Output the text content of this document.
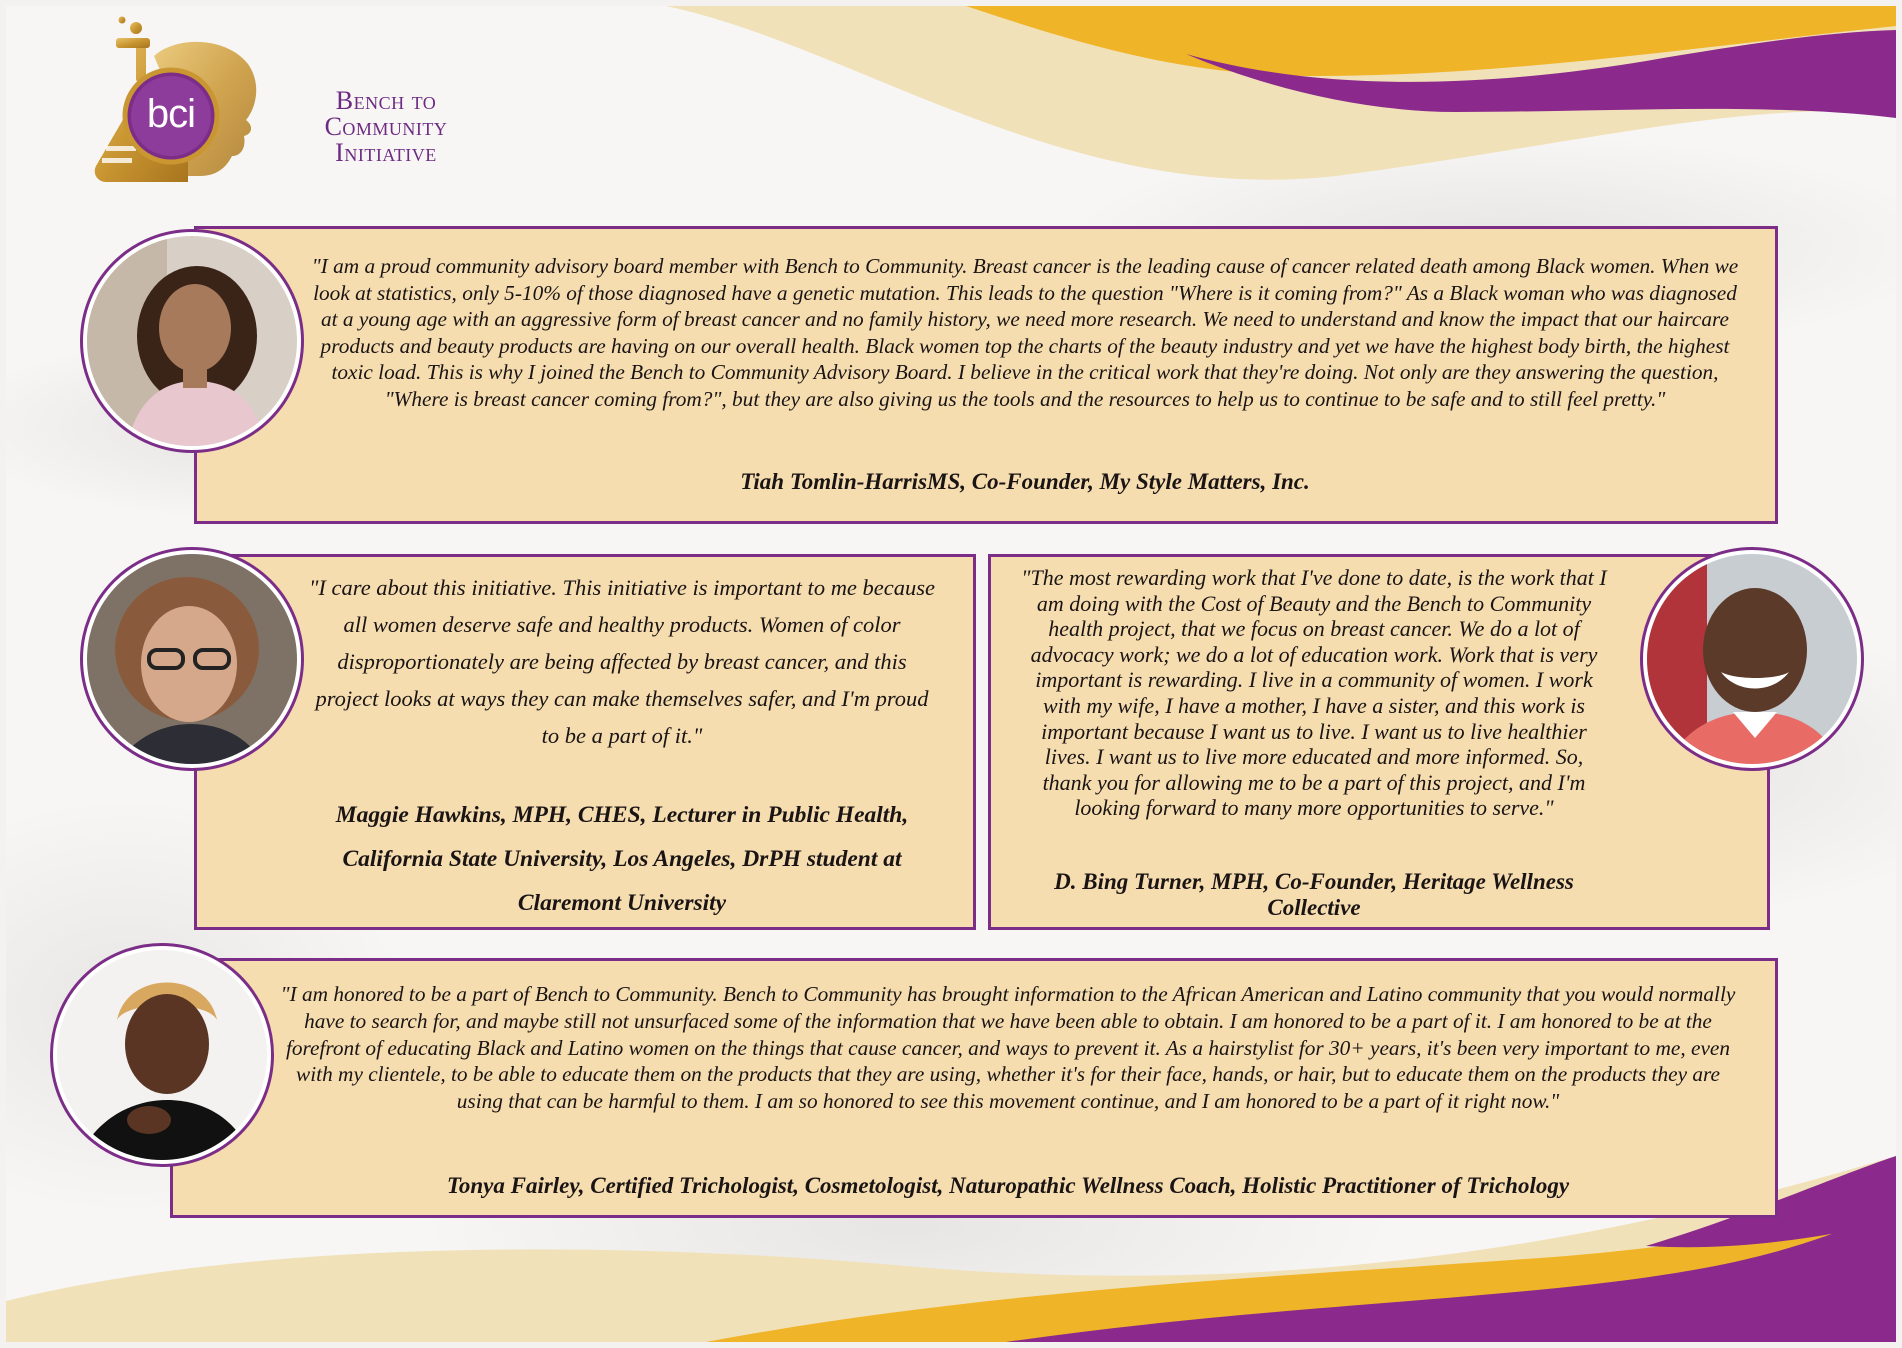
bci	Bench to
Community
Initiative
"I am a proud community advisory board member with Bench to Community. Breast cancer is the leading cause of cancer related death among Black women. When we look at statistics, only 5-10% of those diagnosed have a genetic mutation. This leads to the question "Where is it coming from?" As a Black woman who was diagnosed at a young age with an aggressive form of breast cancer and no family history, we need more research. We need to understand and know the impact that our haircare products and beauty products are having on our overall health. Black women top the charts of the beauty industry and yet we have the highest body birth, the highest toxic load. This is why I joined the Bench to Community Advisory Board. I believe in the critical work that they're doing. Not only are they answering the question, "Where is breast cancer coming from?", but they are also giving us the tools and the resources to help us to continue to be safe and to still feel pretty."
Tiah Tomlin-HarrisMS, Co-Founder, My Style Matters, Inc.
"I care about this initiative. This initiative is important to me because all women deserve safe and healthy products. Women of color disproportionately are being affected by breast cancer, and this project looks at ways they can make themselves safer, and I'm proud to be a part of it."
Maggie Hawkins, MPH, CHES, Lecturer in Public Health, California State University, Los Angeles, DrPH student at Claremont University
"The most rewarding work that I've done to date, is the work that I am doing with the Cost of Beauty and the Bench to Community health project, that we focus on breast cancer. We do a lot of advocacy work; we do a lot of education work. Work that is very important is rewarding. I live in a community of women. I work with my wife, I have a mother, I have a sister, and this work is important because I want us to live. I want us to live healthier lives. I want us to live more educated and more informed. So, thank you for allowing me to be a part of this project, and I'm looking forward to many more opportunities to serve."
D. Bing Turner, MPH, Co-Founder, Heritage Wellness Collective
"I am honored to be a part of Bench to Community. Bench to Community has brought information to the African American and Latino community that you would normally have to search for, and maybe still not unsurfaced some of the information that we have been able to obtain. I am honored to be a part of it. I am honored to be at the forefront of educating Black and Latino women on the things that cause cancer, and ways to prevent it. As a hairstylist for 30+ years, it's been very important to me, even with my clientele, to be able to educate them on the products that they are using, whether it's for their face, hands, or hair, but to educate them on the products they are using that can be harmful to them. I am so honored to see this movement continue, and I am honored to be a part of it right now."
Tonya Fairley, Certified Trichologist, Cosmetologist, Naturopathic Wellness Coach, Holistic Practitioner of Trichology
